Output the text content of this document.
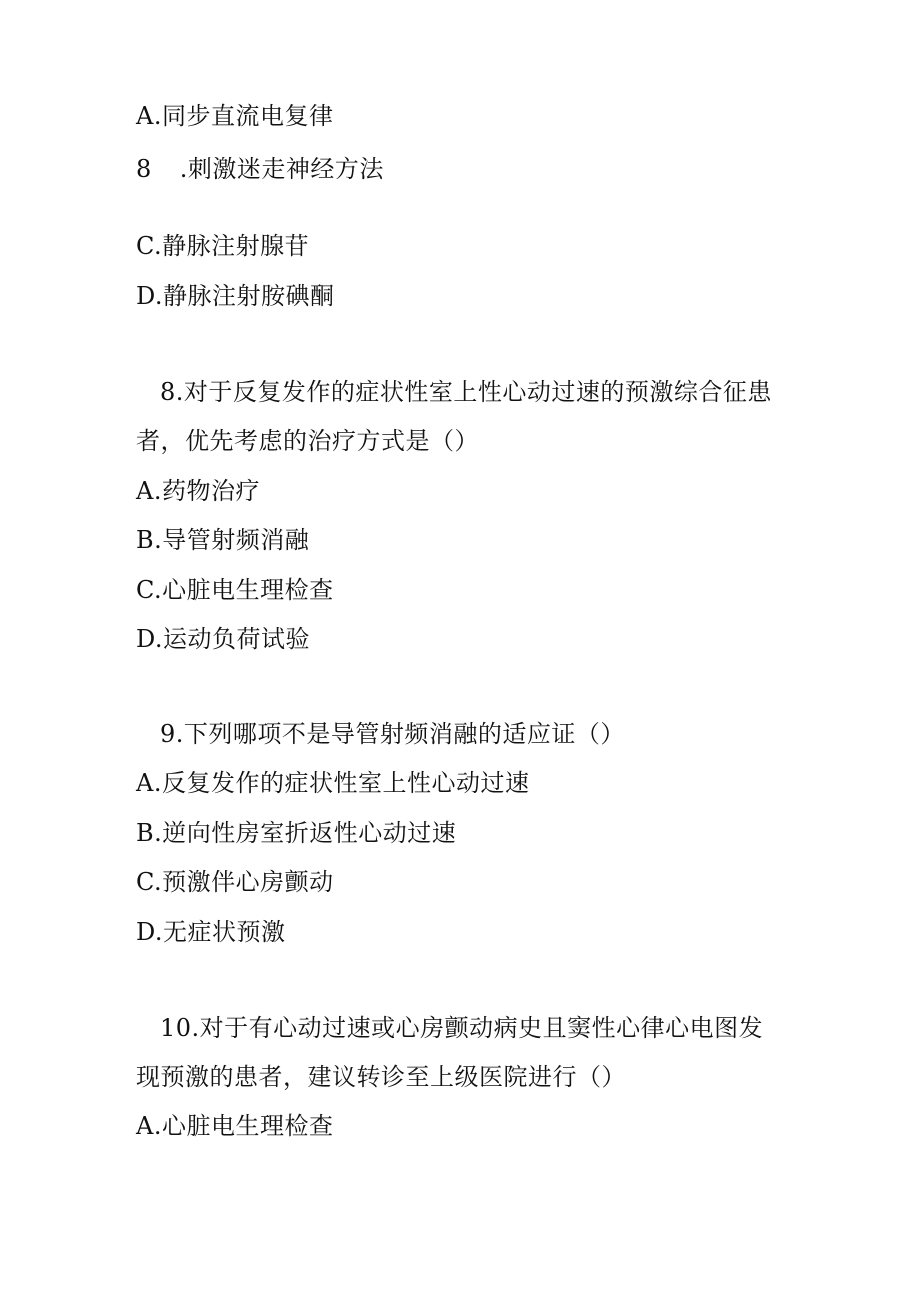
A.同步直流电复律
8 .刺激迷走神经方法
C.静脉注射腺苷
D.静脉注射胺碘酮
8.对于反复发作的症状性室上性心动过速的预激综合征患
者，优先考虑的治疗方式是（）
A.药物治疗
B.导管射频消融
C.心脏电生理检查
D.运动负荷试验
9.下列哪项不是导管射频消融的适应证（）
A.反复发作的症状性室上性心动过速
B.逆向性房室折返性心动过速
C.预激伴心房颤动
D.无症状预激
10.对于有心动过速或心房颤动病史且窦性心律心电图发
现预激的患者，建议转诊至上级医院进行（）
A.心脏电生理检查
